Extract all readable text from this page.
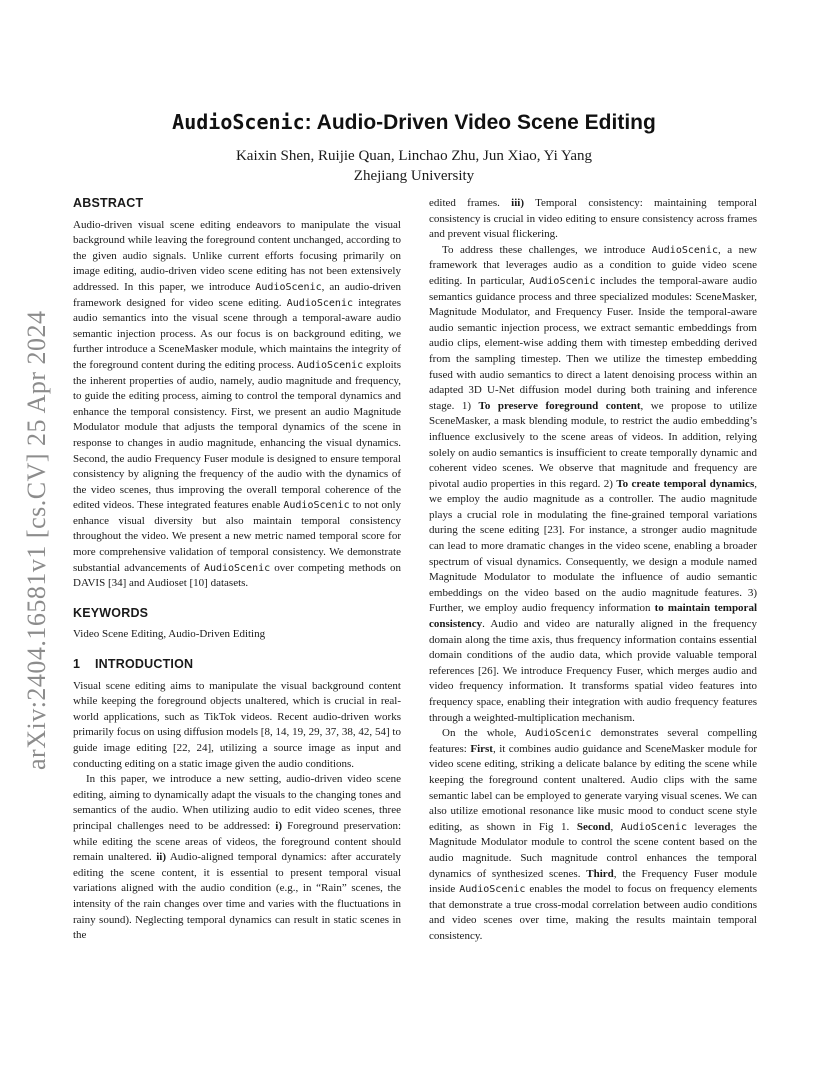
arXiv:2404.16581v1 [cs.CV] 25 Apr 2024
AudioScenic: Audio-Driven Video Scene Editing
Kaixin Shen, Ruijie Quan, Linchao Zhu, Jun Xiao, Yi Yang
Zhejiang University
ABSTRACT

Audio-driven visual scene editing endeavors to manipulate the visual background while leaving the foreground content unchanged, according to the given audio signals. Unlike current efforts focusing primarily on image editing, audio-driven video scene editing has not been extensively addressed. In this paper, we introduce AudioScenic, an audio-driven framework designed for video scene editing. AudioScenic integrates audio semantics into the visual scene through a temporal-aware audio semantic injection process. As our focus is on background editing, we further introduce a SceneMasker module, which maintains the integrity of the foreground content during the editing process. AudioScenic exploits the inherent properties of audio, namely, audio magnitude and frequency, to guide the editing process, aiming to control the temporal dynamics and enhance the temporal consistency. First, we present an audio Magnitude Modulator module that adjusts the temporal dynamics of the scene in response to changes in audio magnitude, enhancing the visual dynamics. Second, the audio Frequency Fuser module is designed to ensure temporal consistency by aligning the frequency of the audio with the dynamics of the video scenes, thus improving the overall temporal coherence of the edited videos. These integrated features enable AudioScenic to not only enhance visual diversity but also maintain temporal consistency throughout the video. We present a new metric named temporal score for more comprehensive validation of temporal consistency. We demonstrate substantial advancements of AudioScenic over competing methods on DAVIS [34] and Audioset [10] datasets.

KEYWORDS

Video Scene Editing, Audio-Driven Editing

1 INTRODUCTION

Visual scene editing aims to manipulate the visual background content while keeping the foreground objects unaltered, which is crucial in real-world applications, such as TikTok videos. Recent audio-driven works primarily focus on using diffusion models [8, 14, 19, 29, 37, 38, 42, 54] to guide image editing [22, 24], utilizing a source image as input and conducting editing on a static image given the audio conditions.

In this paper, we introduce a new setting, audio-driven video scene editing, aiming to dynamically adapt the visuals to the changing tones and semantics of the audio. When utilizing audio to edit video scenes, three principal challenges need to be addressed: i) Foreground preservation: while editing the scene areas of videos, the foreground content should remain unaltered. ii) Audio-aligned temporal dynamics: after accurately editing the scene content, it is essential to present temporal visual variations aligned with the audio condition (e.g., in “Rain” scenes, the intensity of the rain changes over time and varies with the fluctuations in rainy sound). Neglecting temporal dynamics can result in static scenes in the

edited frames. iii) Temporal consistency: maintaining temporal consistency is crucial in video editing to ensure consistency across frames and prevent visual flickering.

To address these challenges, we introduce AudioScenic, a new framework that leverages audio as a condition to guide video scene editing. In particular, AudioScenic includes the temporal-aware audio semantics guidance process and three specialized modules: SceneMasker, Magnitude Modulator, and Frequency Fuser. Inside the temporal-aware audio semantic injection process, we extract semantic embeddings from audio clips, element-wise adding them with timestep embedding derived from the sampling timestep. Then we utilize the timestep embedding fused with audio semantics to direct a latent denoising process within an adapted 3D U-Net diffusion model during both training and inference stage. 1) To preserve foreground content, we propose to utilize SceneMasker, a mask blending module, to restrict the audio embedding’s influence exclusively to the scene areas of videos. In addition, relying solely on audio semantics is insufficient to create temporally dynamic and coherent video scenes. We observe that magnitude and frequency are pivotal audio properties in this regard. 2) To create temporal dynamics, we employ the audio magnitude as a controller. The audio magnitude plays a crucial role in modulating the fine-grained temporal variations during the scene editing [23]. For instance, a stronger audio magnitude can lead to more dramatic changes in the video scene, enabling a broader spectrum of visual dynamics. Consequently, we design a module named Magnitude Modulator to modulate the influence of audio semantic embeddings on the video based on the audio magnitude features. 3) Further, we employ audio frequency information to maintain temporal consistency. Audio and video are naturally aligned in the frequency domain along the time axis, thus frequency information contains essential domain conditions of the audio data, which provide valuable temporal references [26]. We introduce Frequency Fuser, which merges audio and video frequency information. It transforms spatial video features into frequency space, enabling their integration with audio frequency features through a weighted-multiplication mechanism.

On the whole, AudioScenic demonstrates several compelling features: First, it combines audio guidance and SceneMasker module for video scene editing, striking a delicate balance by editing the scene while keeping the foreground content unaltered. Audio clips with the same semantic label can be employed to generate varying visual scenes. We can also utilize emotional resonance like music mood to conduct scene style editing, as shown in Fig 1. Second, AudioScenic leverages the Magnitude Modulator module to control the scene content based on the audio magnitude. Such magnitude control enhances the temporal dynamics of synthesized scenes. Third, the Frequency Fuser module inside AudioScenic enables the model to focus on frequency elements that demonstrate a true cross-modal correlation between audio conditions and video scenes over time, making the results maintain temporal consistency.
